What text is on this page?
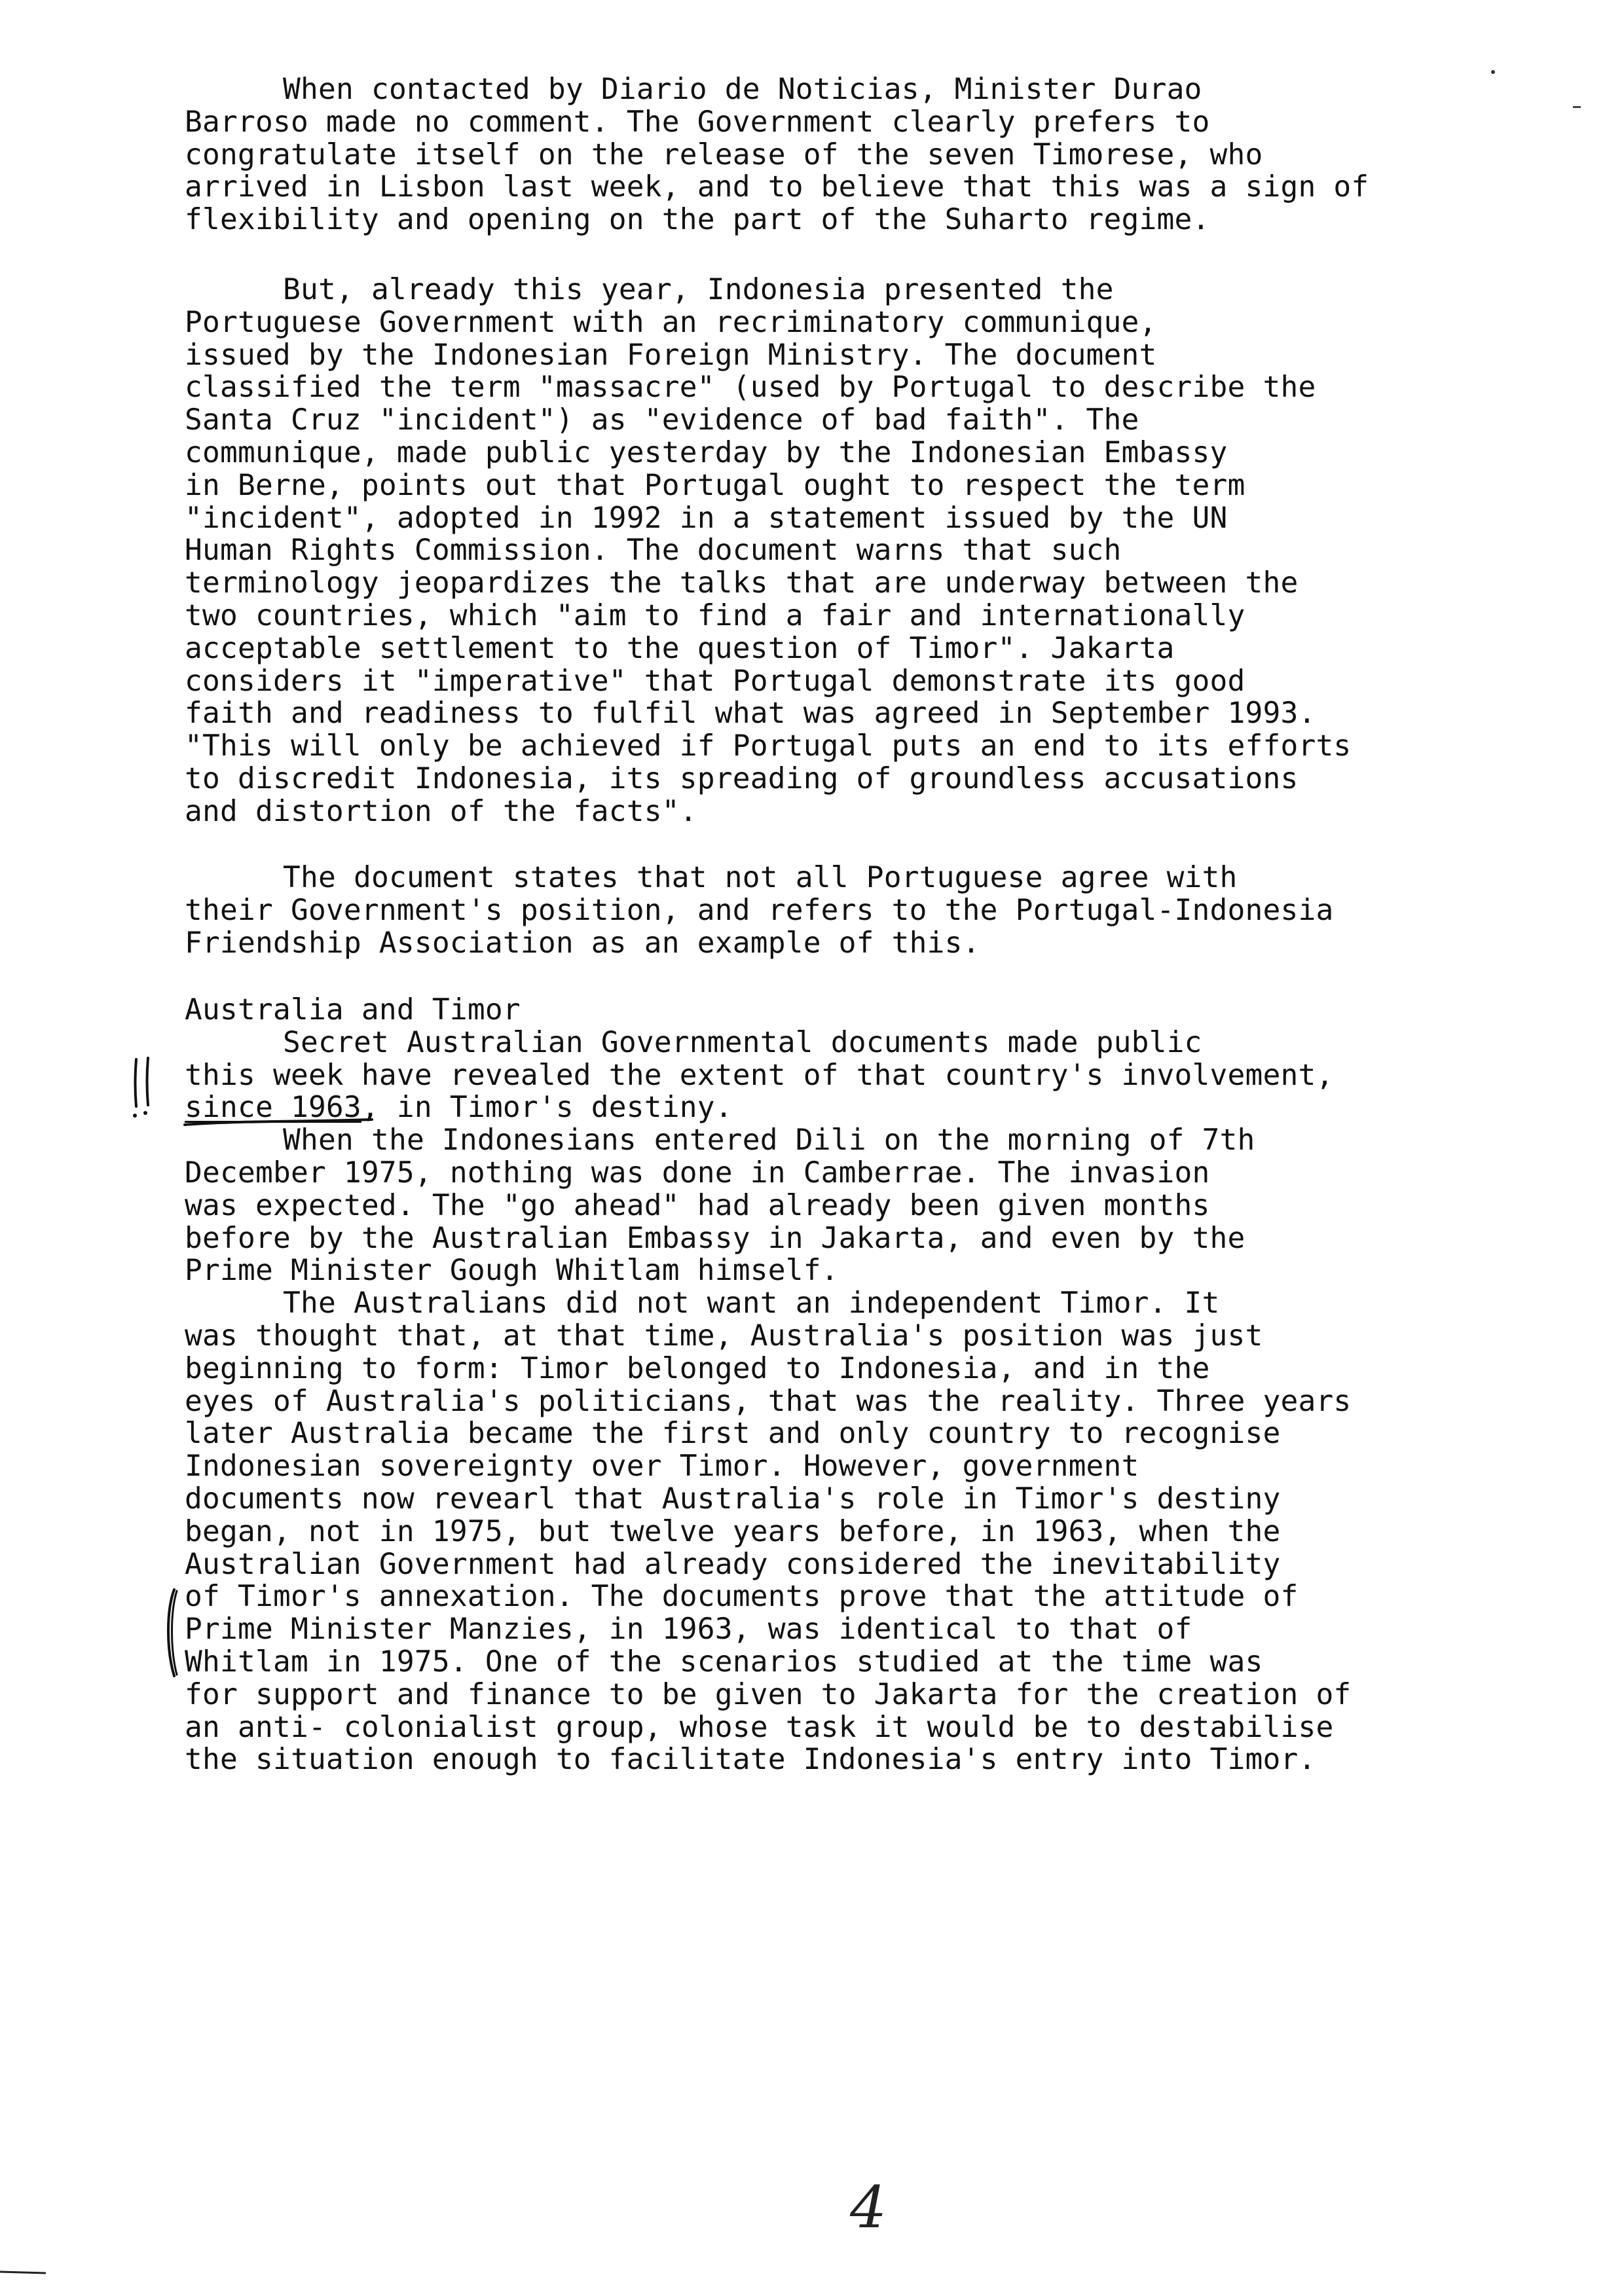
When contacted by Diario de Noticias, Minister Durao
Barroso made no comment. The Government clearly prefers to
congratulate itself on the release of the seven Timorese, who
arrived in Lisbon last week, and to believe that this was a sign of
flexibility and opening on the part of the Suharto regime.
But, already this year, Indonesia presented the
Portuguese Government with an recriminatory communique,
issued by the Indonesian Foreign Ministry. The document
classified the term "massacre" (used by Portugal to describe the
Santa Cruz "incident") as "evidence of bad faith". The
communique, made public yesterday by the Indonesian Embassy
in Berne, points out that Portugal ought to respect the term
"incident", adopted in 1992 in a statement issued by the UN
Human Rights Commission. The document warns that such
terminology jeopardizes the talks that are underway between the
two countries, which "aim to find a fair and internationally
acceptable settlement to the question of Timor". Jakarta
considers it "imperative" that Portugal demonstrate its good
faith and readiness to fulfil what was agreed in September 1993.
"This will only be achieved if Portugal puts an end to its efforts
to discredit Indonesia, its spreading of groundless accusations
and distortion of the facts".
The document states that not all Portuguese agree with
their Government's position, and refers to the Portugal-Indonesia
Friendship Association as an example of this.
Australia and Timor
Secret Australian Governmental documents made public
this week have revealed the extent of that country's involvement,
since 1963, in Timor's destiny.
When the Indonesians entered Dili on the morning of 7th
December 1975, nothing was done in Camberrae. The invasion
was expected. The "go ahead" had already been given months
before by the Australian Embassy in Jakarta, and even by the
Prime Minister Gough Whitlam himself.
The Australians did not want an independent Timor. It
was thought that, at that time, Australia's position was just
beginning to form: Timor belonged to Indonesia, and in the
eyes of Australia's politicians, that was the reality. Three years
later Australia became the first and only country to recognise
Indonesian sovereignty over Timor. However, government
documents now revearl that Australia's role in Timor's destiny
began, not in 1975, but twelve years before, in 1963, when the
Australian Government had already considered the inevitability
of Timor's annexation. The documents prove that the attitude of
Prime Minister Manzies, in 1963, was identical to that of
Whitlam in 1975. One of the scenarios studied at the time was
for support and finance to be given to Jakarta for the creation of
an anti- colonialist group, whose task it would be to destabilise
the situation enough to facilitate Indonesia's entry into Timor.
4
